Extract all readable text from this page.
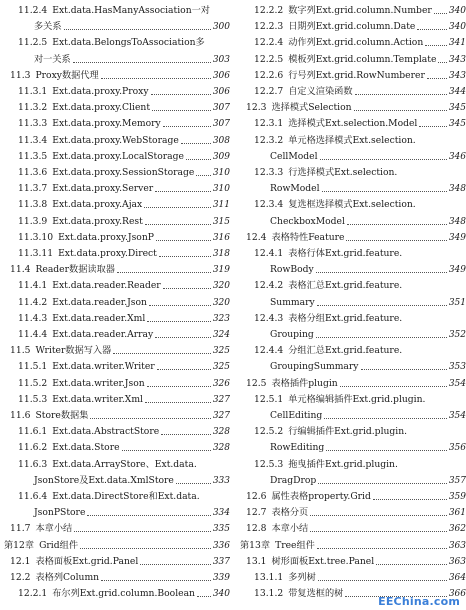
11.2.4 Ext.data.HasManyAssociation一对
多关系	300
11.2.5 Ext.data.BelongsToAssociation多
对一关系	303
11.3 Proxy数据代理	306
11.3.1 Ext.data.proxy.Proxy	306
11.3.2 Ext.data.proxy.Client	307
11.3.3 Ext.data.proxy.Memory	307
11.3.4 Ext.data.proxy.WebStorage	308
11.3.5 Ext.data.proxy.LocalStorage	309
11.3.6 Ext.data.proxy.SessionStorage 310
11.3.7 Ext.data.proxy.Server	310
11.3.8 Ext.data.proxy.Ajax	311
11.3.9 Ext.data.proxy.Rest	315
11.3.10 Ext.data.proxy.JsonP	316
11.3.11 Ext.data.proxy.Direct	318
11.4 Reader数据读取器	319
11.4.1 Ext.data.reader.Reader	320
11.4.2 Ext.data.reader.Json	320
11.4.3 Ext.data.reader.Xml	323
11.4.4 Ext.data.reader.Array	324
11.5 Writer数据写入器	325
11.5.1 Ext.data.writer.Writer	325
11.5.2 Ext.data.writer.Json	326
11.5.3 Ext.data.writer.Xml	327
11.6 Store数据集	327
11.6.1 Ext.data.AbstractStore	328
11.6.2 Ext.data.Store	328
11.6.3 Ext.data.ArrayStore、Ext.data.
JsonStore及Ext.data.XmlStore	333
11.6.4 Ext.data.DirectStore和Ext.data.
JsonPStore	334
11.7 本章小结	335
第12章 Grid组件	336
12.1 表格面板Ext.grid.Panel	337
12.2 表格列Column	339
12.2.1 布尔列Ext.grid.column.Boolean 340
12.2.2 数字列Ext.grid.column.Number 340
12.2.3 日期列Ext.grid.column.Date	340
12.2.4 动作列Ext.grid.column.Action	341
12.2.5 模板列Ext.grid.column.Template 343
12.2.6 行号列Ext.grid.RowNumberer	343
12.2.7 自定义渲染函数	344
12.3 选择模式Selection	345
12.3.1 选择模式Ext.selection.Model	345
12.3.2 单元格选择模式Ext.selection.
CellModel	346
12.3.3 行选择模式Ext.selection.
RowModel	348
12.3.4 复选框选择模式Ext.selection.
CheckboxModel	348
12.4 表格特性Feature	349
12.4.1 表格行体Ext.grid.feature.
RowBody	349
12.4.2 表格汇总Ext.grid.feature.
Summary	351
12.4.3 表格分组Ext.grid.feature.
Grouping	352
12.4.4 分组汇总Ext.grid.feature.
GroupingSummary	353
12.5 表格插件plugin	354
12.5.1 单元格编辑插件Ext.grid.plugin.
CellEditing	354
12.5.2 行编辑插件Ext.grid.plugin.
RowEditing	356
12.5.3 拖曳插件Ext.grid.plugin.
DragDrop	357
12.6 属性表格property.Grid	359
12.7 表格分页	361
12.8 本章小结	362
第13章 Tree组件	363
13.1 树形面板Ext.tree.Panel	363
13.1.1 多列树	364
13.1.2 带复选框的树	366
EEChina.com
